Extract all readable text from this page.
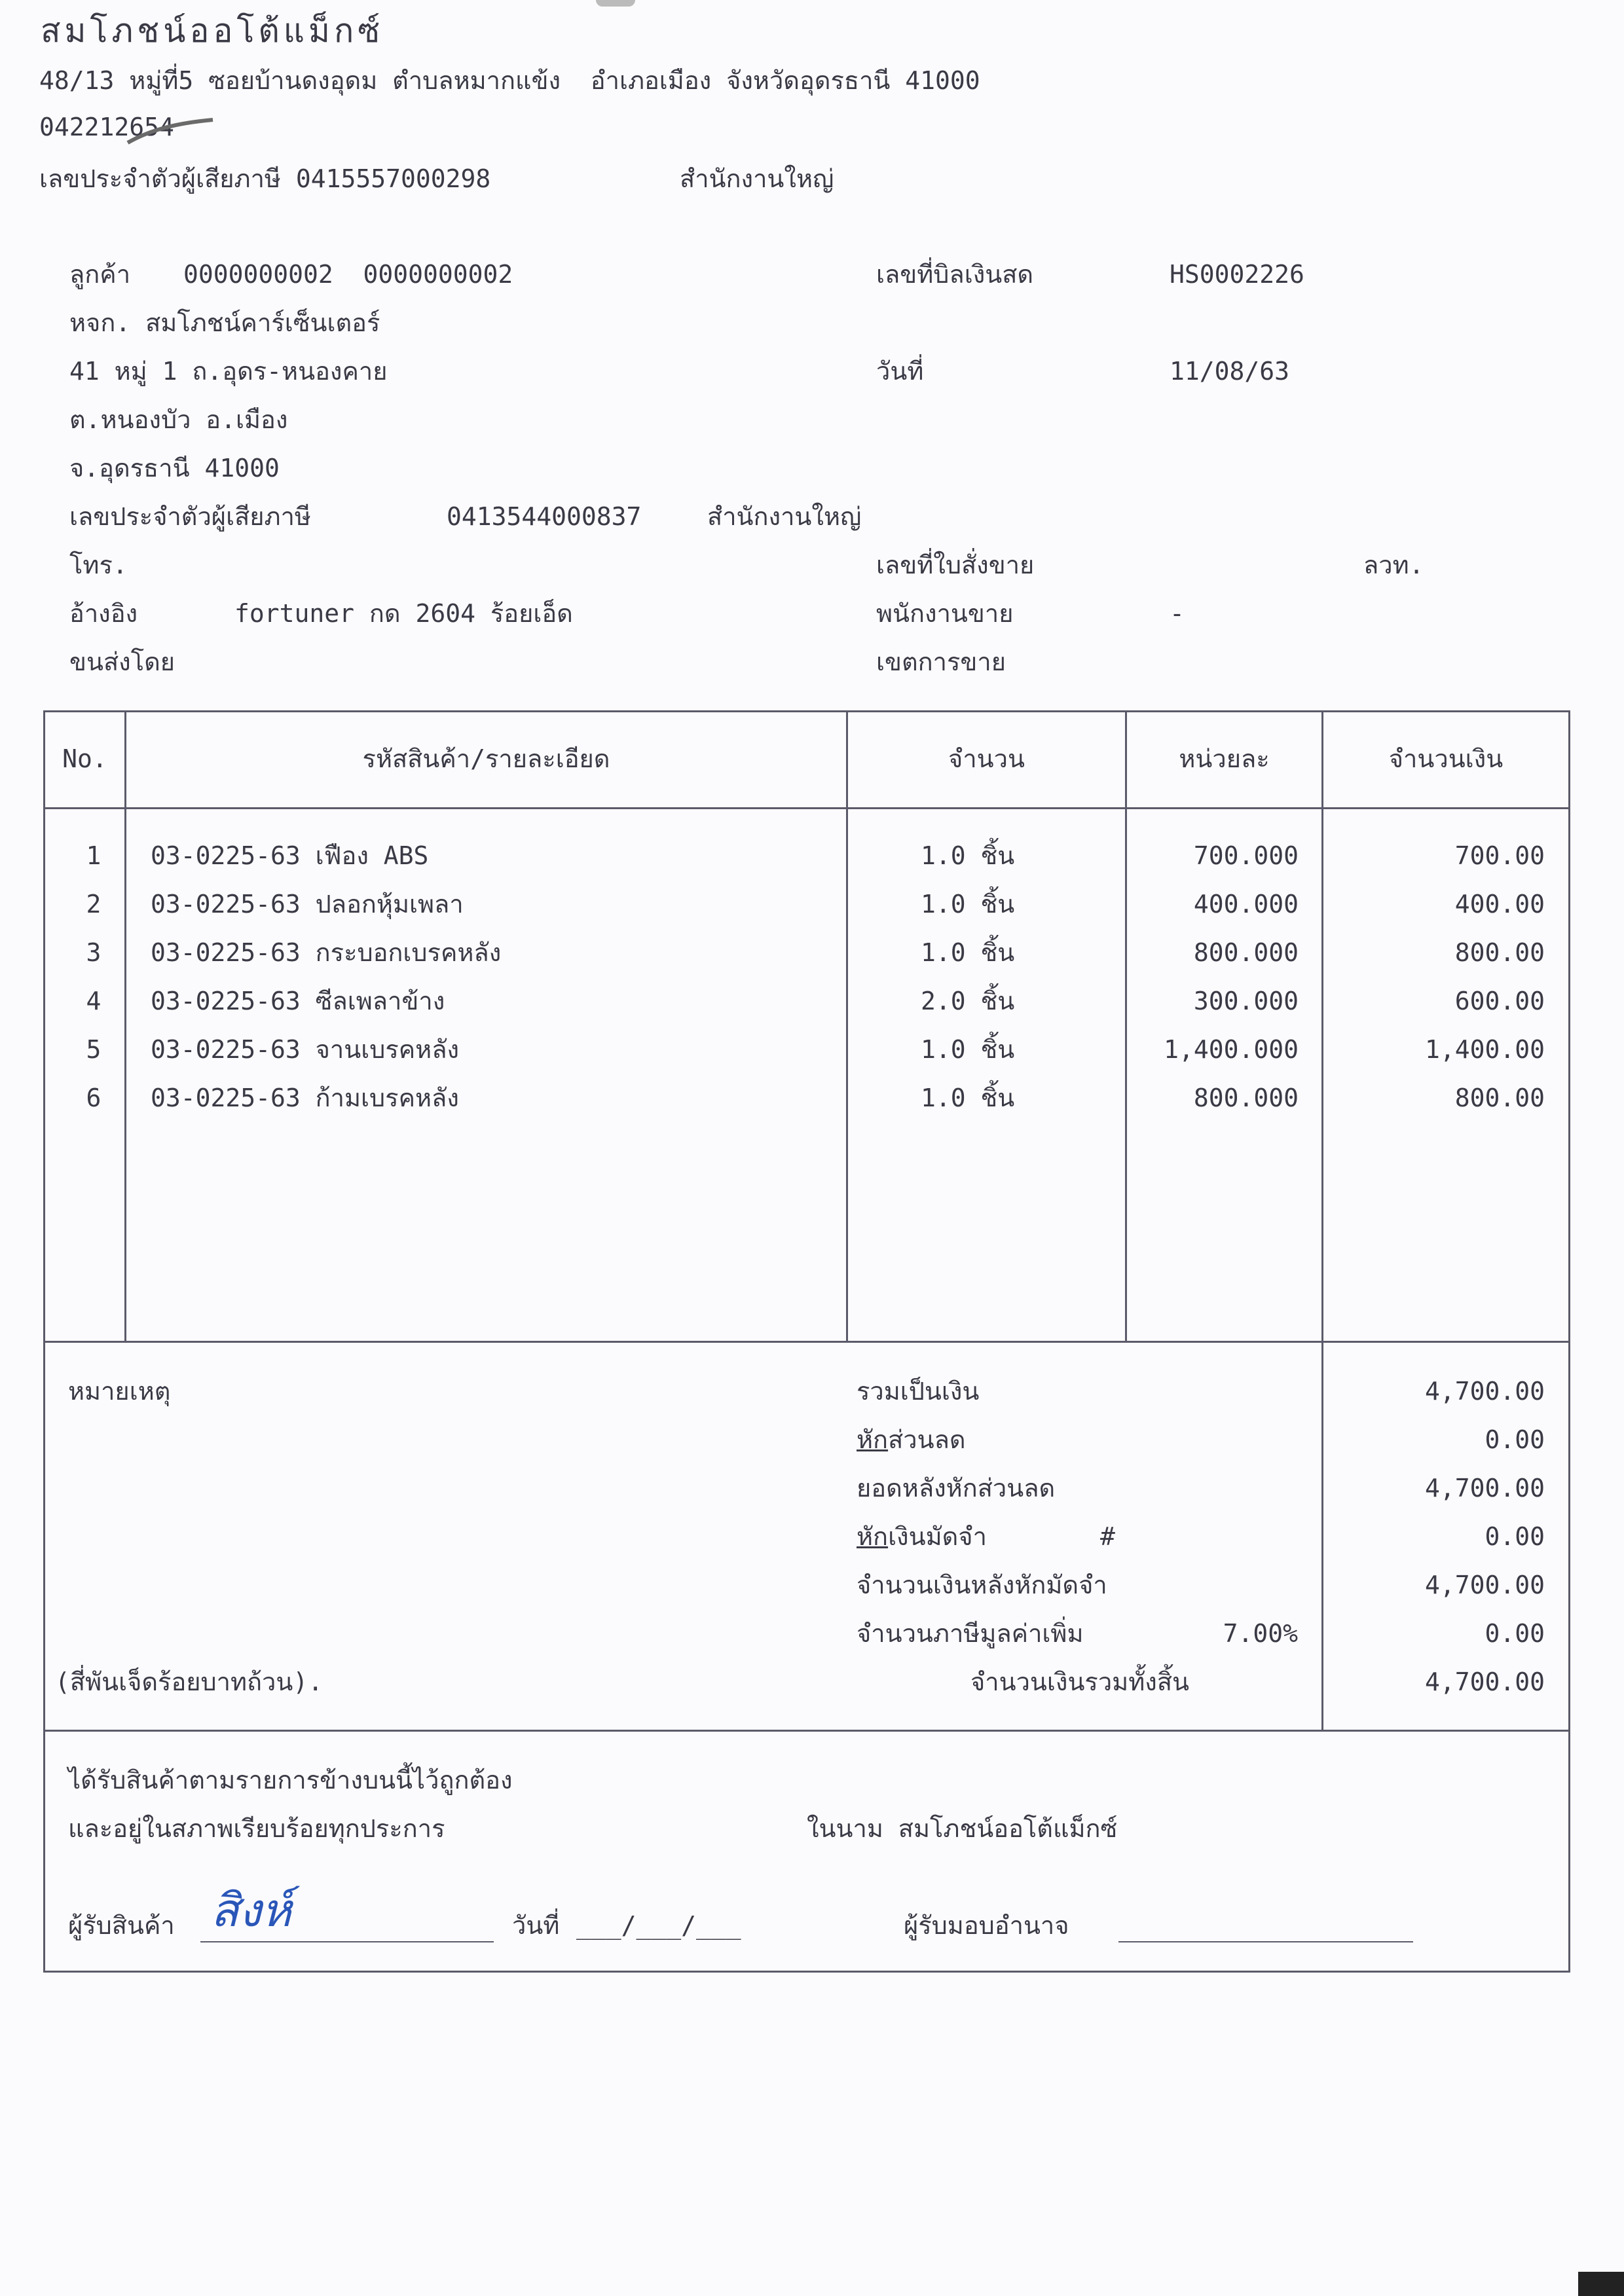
สมโภชน์ออโต้แม็กซ์
48/13 หมู่ที่5 ซอยบ้านดงอุดม ตำบลหมากแข้ง  อำเภอเมือง จังหวัดอุดรธานี 41000
042212654
เลขประจำตัวผู้เสียภาษี 0415557000298	สำนักงานใหญ่
ลูกค้า 0000000002  0000000002
หจก. สมโภชน์คาร์เซ็นเตอร์
41 หมู่ 1 ถ.อุดร-หนองคาย
ต.หนองบัว อ.เมือง
จ.อุดรธานี 41000
เลขประจำตัวผู้เสียภาษี	0413544000837	สำนักงานใหญ่
โทร.
อ้างอิง	fortuner กด 2604 ร้อยเอ็ด
ขนส่งโดย
เลขที่บิลเงินสด	HS0002226
วันที่	11/08/63
เลขที่ใบสั่งขาย	ลวท.
พนักงานขาย	-
เขตการขาย
No.	รหัสสินค้า/รายละเอียด	จำนวน	หน่วยละ	จำนวนเงิน
1	03-0225-63 เฟือง ABS	1.0 ชิ้น	700.000	700.00
2	03-0225-63 ปลอกหุ้มเพลา	1.0 ชิ้น	400.000	400.00
3	03-0225-63 กระบอกเบรคหลัง	1.0 ชิ้น	800.000	800.00
4	03-0225-63 ซีลเพลาข้าง	2.0 ชิ้น	300.000	600.00
5	03-0225-63 จานเบรคหลัง	1.0 ชิ้น	1,400.000	1,400.00
6	03-0225-63 ก้ามเบรคหลัง	1.0 ชิ้น	800.000	800.00
หมายเหตุ	รวมเป็นเงิน	4,700.00
หักส่วนลด	0.00
ยอดหลังหักส่วนลด	4,700.00
หักเงินมัดจำ	#	0.00
จำนวนเงินหลังหักมัดจำ	4,700.00
จำนวนภาษีมูลค่าเพิ่ม	7.00%	0.00
(สี่พันเจ็ดร้อยบาทถ้วน).	จำนวนเงินรวมทั้งสิ้น	4,700.00
ได้รับสินค้าตามรายการข้างบนนี้ไว้ถูกต้อง
และอยู่ในสภาพเรียบร้อยทุกประการ	ในนาม สมโภชน์ออโต้แม็กซ์
ผู้รับสินค้า สิงห์	วันที่ ___/___/___	ผู้รับมอบอำนาจ
